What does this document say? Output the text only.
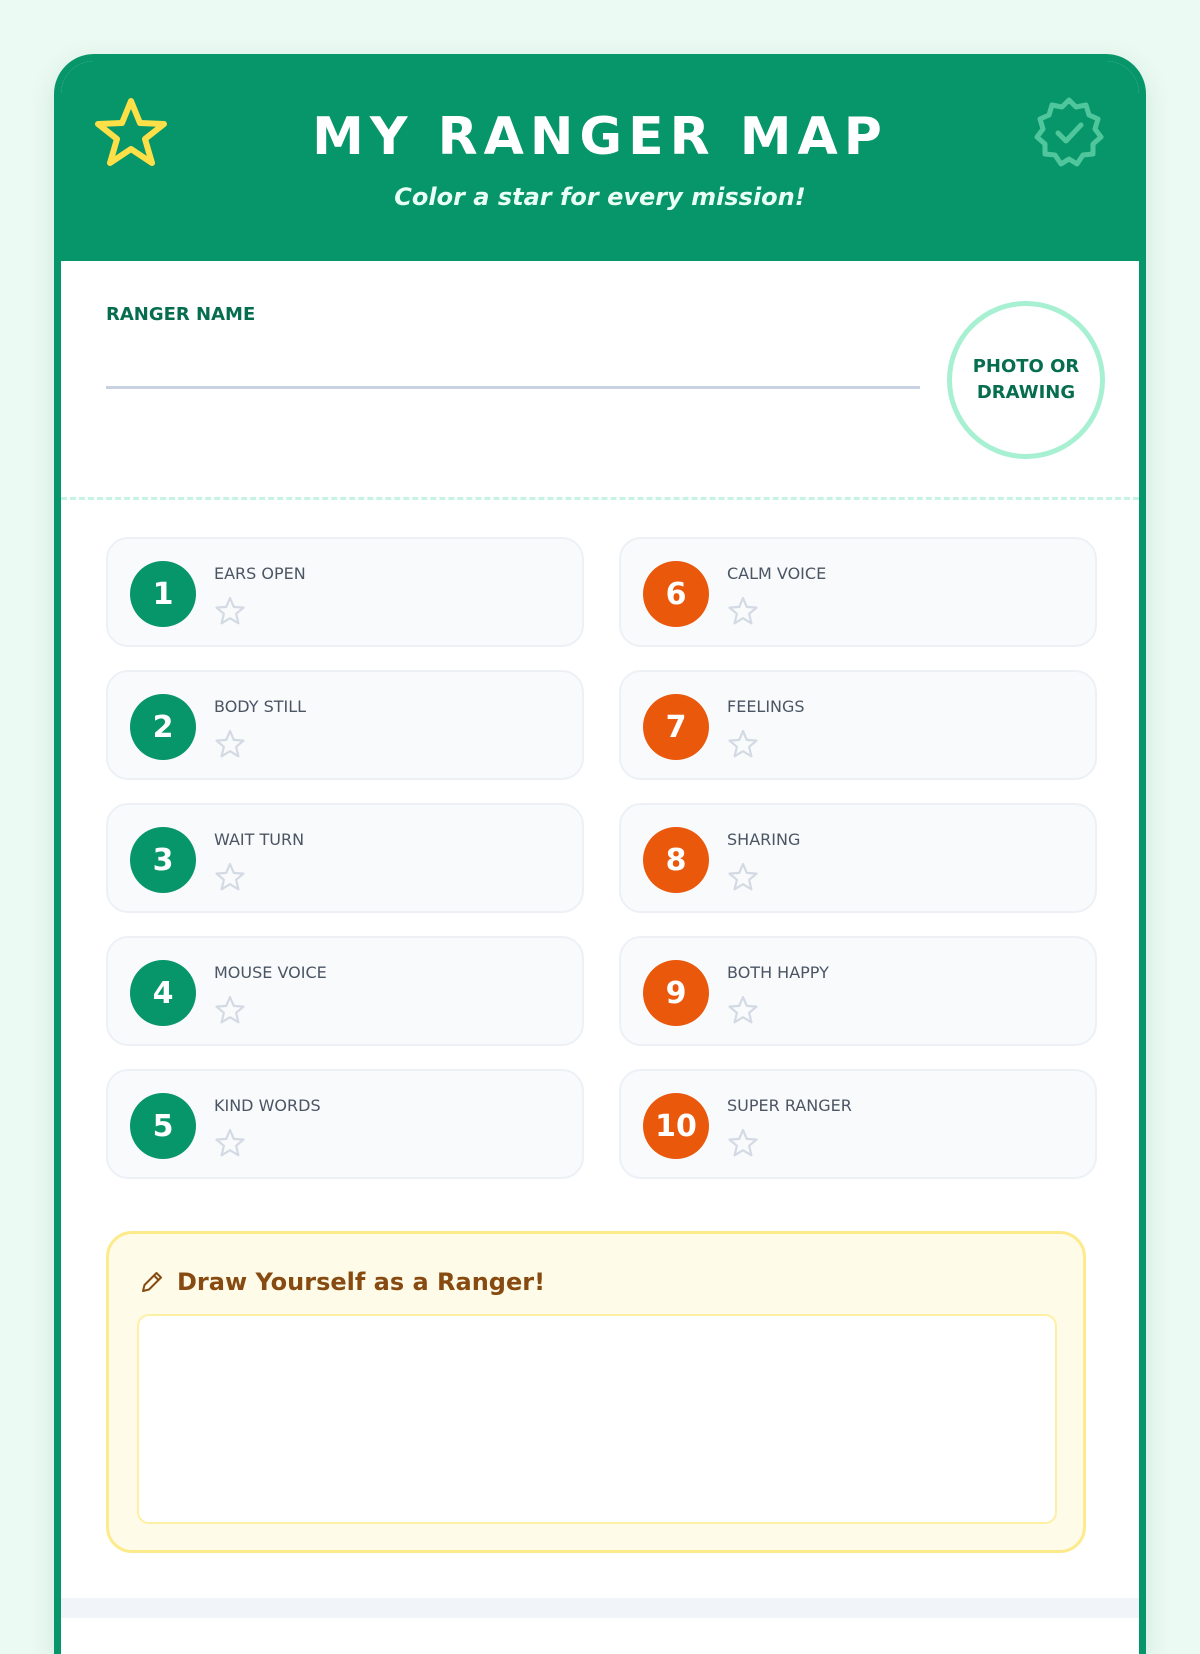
MY RANGER MAP
Color a star for every mission!
RANGER NAME
PHOTO OR DRAWING
1
EARS OPEN
2
BODY STILL
3
WAIT TURN
4
MOUSE VOICE
5
KIND WORDS
6
CALM VOICE
7
FEELINGS
8
SHARING
9
BOTH HAPPY
10
SUPER RANGER
Draw Yourself as a Ranger!
